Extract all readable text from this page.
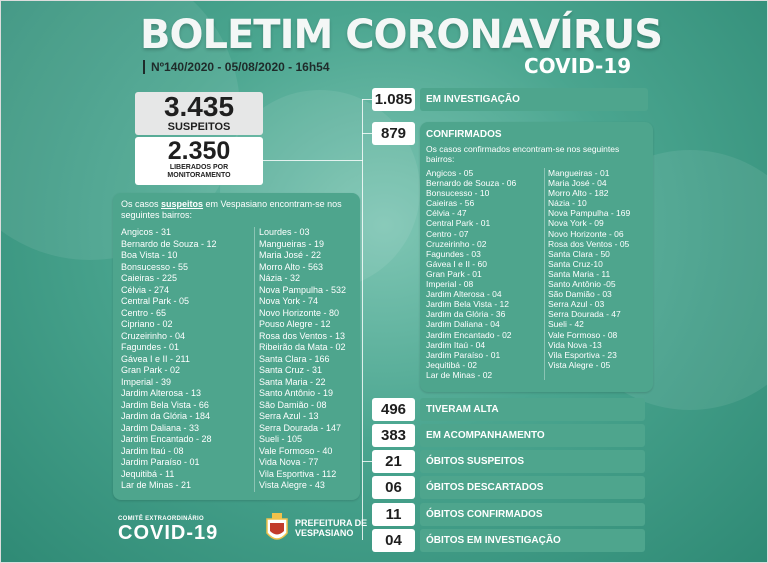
BOLETIM CORONAVÍRUS
COVID-19
Nº140/2020 - 05/08/2020 - 16h54
3.435
SUSPEITOS
2.350
LIBERADOS POR
MONITORAMENTO
Os casos suspeitos em Vespasiano encontram-se nos seguintes bairros:
Angicos - 31
Bernardo de Souza - 12
Boa Vista - 10
Bonsucesso - 55
Caieiras - 225
Célvia - 274
Central Park - 05
Centro - 65
Cipriano - 02
Cruzeirinho - 04
Fagundes - 01
Gávea I e II - 211
Gran Park - 02
Imperial - 39
Jardim Alterosa - 13
Jardim Bela Vista - 66
Jardim da Glória - 184
Jardim Daliana - 33
Jardim Encantado - 28
Jardim Itaú - 08
Jardim Paraíso - 01
Jequitibá - 11
Lar de Minas - 21
Lourdes - 03
Mangueiras - 19
Maria José - 22
Morro Alto - 563
Názia - 32
Nova Pampulha - 532
Nova York - 74
Novo Horizonte - 80
Pouso Alegre - 12
Rosa dos Ventos - 13
Ribeirão da Mata - 02
Santa Clara - 166
Santa Cruz - 31
Santa Maria - 22
Santo Antônio - 19
São Damião - 08
Serra Azul - 13
Serra Dourada - 147
Sueli - 105
Vale Formoso - 40
Vida Nova - 77
Vila Esportiva - 112
Vista Alegre - 43
1.085	EM INVESTIGAÇÃO
879	CONFIRMADOS
Os casos confirmados encontram-se nos seguintes bairros:
Angicos - 05
Bernardo de Souza - 06
Bonsucesso - 10
Caieiras - 56
Célvia - 47
Central Park - 01
Centro - 07
Cruzeirinho - 02
Fagundes - 03
Gávea I e II - 60
Gran Park - 01
Imperial - 08
Jardim Alterosa - 04
Jardim Bela Vista - 12
Jardim da Glória - 36
Jardim Daliana - 04
Jardim Encantado - 02
Jardim Itaú - 04
Jardim Paraíso - 01
Jequitibá - 02
Lar de Minas - 02
Mangueiras - 01
Maria José - 04
Morro Alto - 182
Názia - 10
Nova Pampulha - 169
Nova York - 09
Novo Horizonte - 06
Rosa dos Ventos - 05
Santa Clara - 50
Santa Cruz-10
Santa Maria - 11
Santo Antônio -05
São Damião - 03
Serra Azul - 03
Serra Dourada - 47
Sueli - 42
Vale Formoso - 08
Vida Nova -13
Vila Esportiva - 23
Vista Alegre - 05
496	TIVERAM ALTA
383	EM ACOMPANHAMENTO
21	ÓBITOS SUSPEITOS
06	ÓBITOS DESCARTADOS
11	ÓBITOS CONFIRMADOS
04	ÓBITOS EM INVESTIGAÇÃO
COMITÊ EXTRAORDINÁRIO
COVID-19	PREFEITURA DE
VESPASIANO
